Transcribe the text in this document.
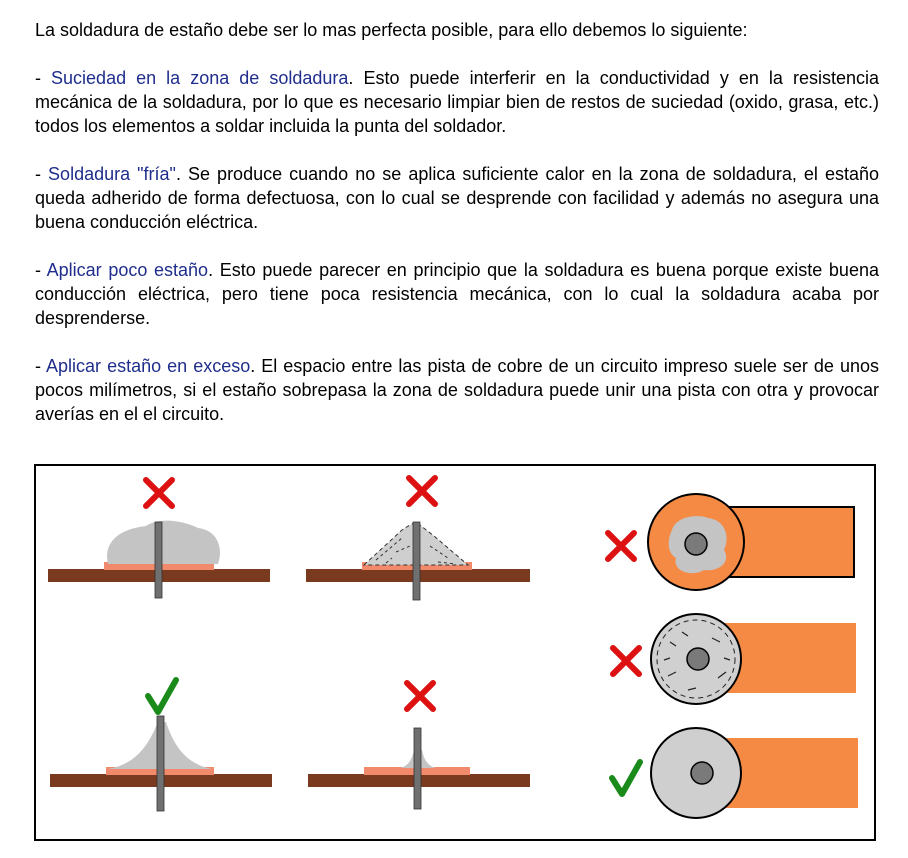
La soldadura de estaño debe ser lo mas perfecta posible, para ello debemos lo siguiente:

- Suciedad en la zona de soldadura. Esto puede interferir en la conductividad y en la resistencia mecánica de la soldadura, por lo que es necesario limpiar bien de restos de suciedad (oxido, grasa, etc.) todos los elementos a soldar incluida la punta del soldador.

- Soldadura "fría". Se produce cuando no se aplica suficiente calor en la zona de soldadura, el estaño queda adherido de forma defectuosa, con lo cual se desprende con facilidad y además no asegura una buena conducción eléctrica.

- Aplicar poco estaño. Esto puede parecer en principio que la soldadura es buena porque existe buena conducción eléctrica, pero tiene poca resistencia mecánica, con lo cual la soldadura acaba por desprenderse.

- Aplicar estaño en exceso. El espacio entre las pista de cobre de un circuito impreso suele ser de unos pocos milímetros, si el estaño sobrepasa la zona de soldadura puede unir una pista con otra y provocar averías en el el circuito.
